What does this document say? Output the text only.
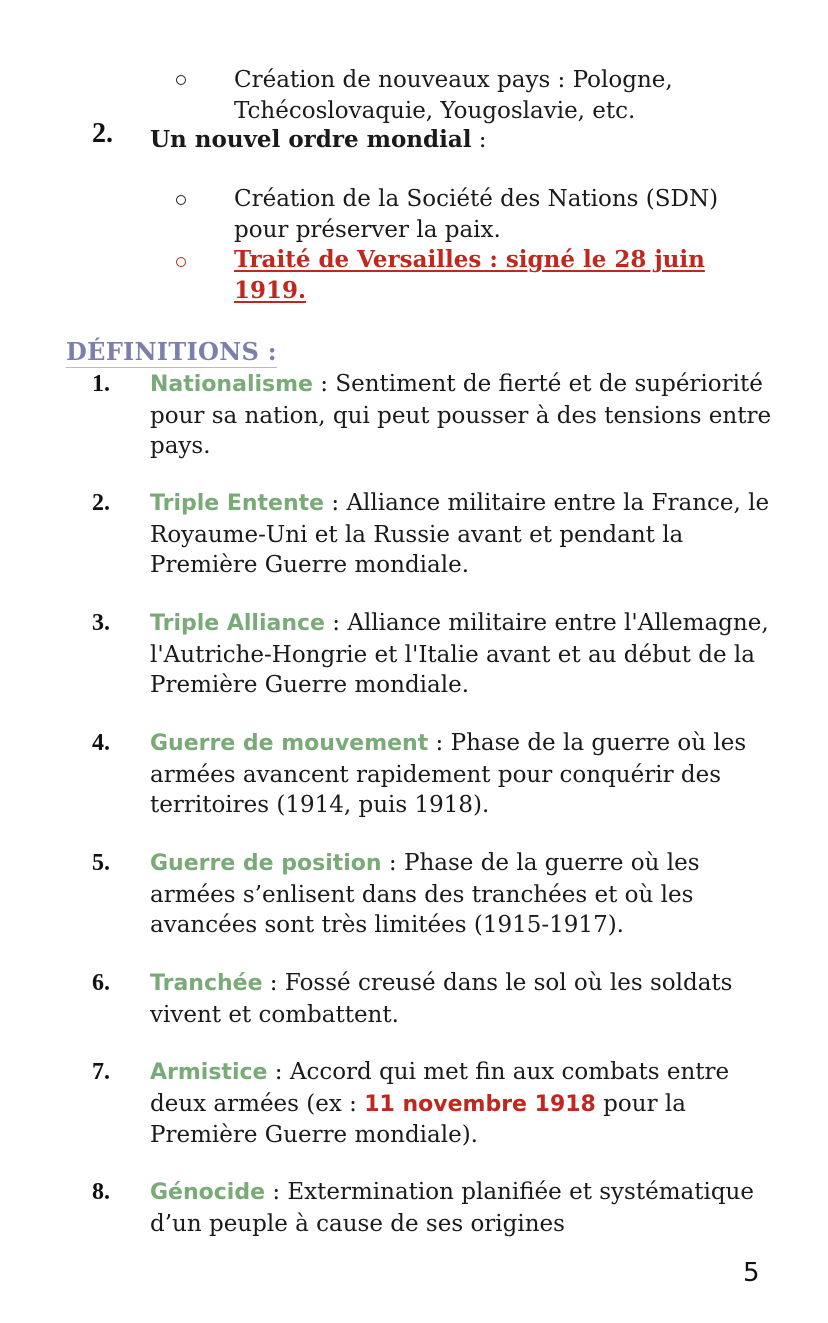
Création de nouveaux pays : Pologne, Tchécoslovaquie, Yougoslavie, etc.
2. Un nouvel ordre mondial :
Création de la Société des Nations (SDN) pour préserver la paix.
Traité de Versailles : signé le 28 juin 1919.
DÉFINITIONS :
1. Nationalisme : Sentiment de fierté et de supériorité pour sa nation, qui peut pousser à des tensions entre pays.
2. Triple Entente : Alliance militaire entre la France, le Royaume-Uni et la Russie avant et pendant la Première Guerre mondiale.
3. Triple Alliance : Alliance militaire entre l'Allemagne, l'Autriche-Hongrie et l'Italie avant et au début de la Première Guerre mondiale.
4. Guerre de mouvement : Phase de la guerre où les armées avancent rapidement pour conquérir des territoires (1914, puis 1918).
5. Guerre de position : Phase de la guerre où les armées s’enlisent dans des tranchées et où les avancées sont très limitées (1915-1917).
6. Tranchée : Fossé creusé dans le sol où les soldats vivent et combattent.
7. Armistice : Accord qui met fin aux combats entre deux armées (ex : 11 novembre 1918 pour la Première Guerre mondiale).
8. Génocide : Extermination planifiée et systématique d’un peuple à cause de ses origines
5
